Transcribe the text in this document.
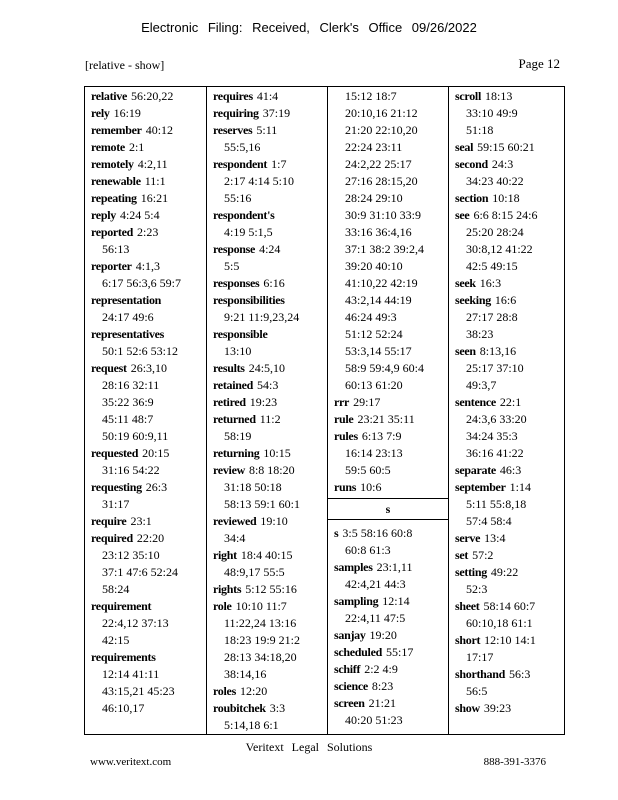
Electronic Filing: Received, Clerk's Office 09/26/2022
[relative - show]	Page 12
relative 56:20,22
rely 16:19
remember 40:12
remote 2:1
remotely 4:2,11
renewable 11:1
repeating 16:21
reply 4:24 5:4
reported 2:23
56:13
reporter 4:1,3
6:17 56:3,6 59:7
representation
24:17 49:6
representatives
50:1 52:6 53:12
request 26:3,10
28:16 32:11
35:22 36:9
45:11 48:7
50:19 60:9,11
requested 20:15
31:16 54:22
requesting 26:3
31:17
require 23:1
required 22:20
23:12 35:10
37:1 47:6 52:24
58:24
requirement
22:4,12 37:13
42:15
requirements
12:14 41:11
43:15,21 45:23
46:10,17
requires 41:4
requiring 37:19
reserves 5:11
55:5,16
respondent 1:7
2:17 4:14 5:10
55:16
respondent's
4:19 5:1,5
response 4:24
5:5
responses 6:16
responsibilities
9:21 11:9,23,24
responsible
13:10
results 24:5,10
retained 54:3
retired 19:23
returned 11:2
58:19
returning 10:15
review 8:8 18:20
31:18 50:18
58:13 59:1 60:1
reviewed 19:10
34:4
right 18:4 40:15
48:9,17 55:5
rights 5:12 55:16
role 10:10 11:7
11:22,24 13:16
18:23 19:9 21:2
28:13 34:18,20
38:14,16
roles 12:20
roubitchek 3:3
5:14,18 6:1
15:12 18:7
20:10,16 21:12
21:20 22:10,20
22:24 23:11
24:2,22 25:17
27:16 28:15,20
28:24 29:10
30:9 31:10 33:9
33:16 36:4,16
37:1 38:2 39:2,4
39:20 40:10
41:10,22 42:19
43:2,14 44:19
46:24 49:3
51:12 52:24
53:3,14 55:17
58:9 59:4,9 60:4
60:13 61:20
rrr 29:17
rule 23:21 35:11
rules 6:13 7:9
16:14 23:13
59:5 60:5
runs 10:6
s
s 3:5 58:16 60:8
60:8 61:3
samples 23:1,11
42:4,21 44:3
sampling 12:14
22:4,11 47:5
sanjay 19:20
scheduled 55:17
schiff 2:2 4:9
science 8:23
screen 21:21
40:20 51:23
scroll 18:13
33:10 49:9
51:18
seal 59:15 60:21
second 24:3
34:23 40:22
section 10:18
see 6:6 8:15 24:6
25:20 28:24
30:8,12 41:22
42:5 49:15
seek 16:3
seeking 16:6
27:17 28:8
38:23
seen 8:13,16
25:17 37:10
49:3,7
sentence 22:1
24:3,6 33:20
34:24 35:3
36:16 41:22
separate 46:3
september 1:14
5:11 55:8,18
57:4 58:4
serve 13:4
set 57:2
setting 49:22
52:3
sheet 58:14 60:7
60:10,18 61:1
short 12:10 14:1
17:17
shorthand 56:3
56:5
show 39:23
Veritext Legal Solutions
www.veritext.com	888-391-3376
